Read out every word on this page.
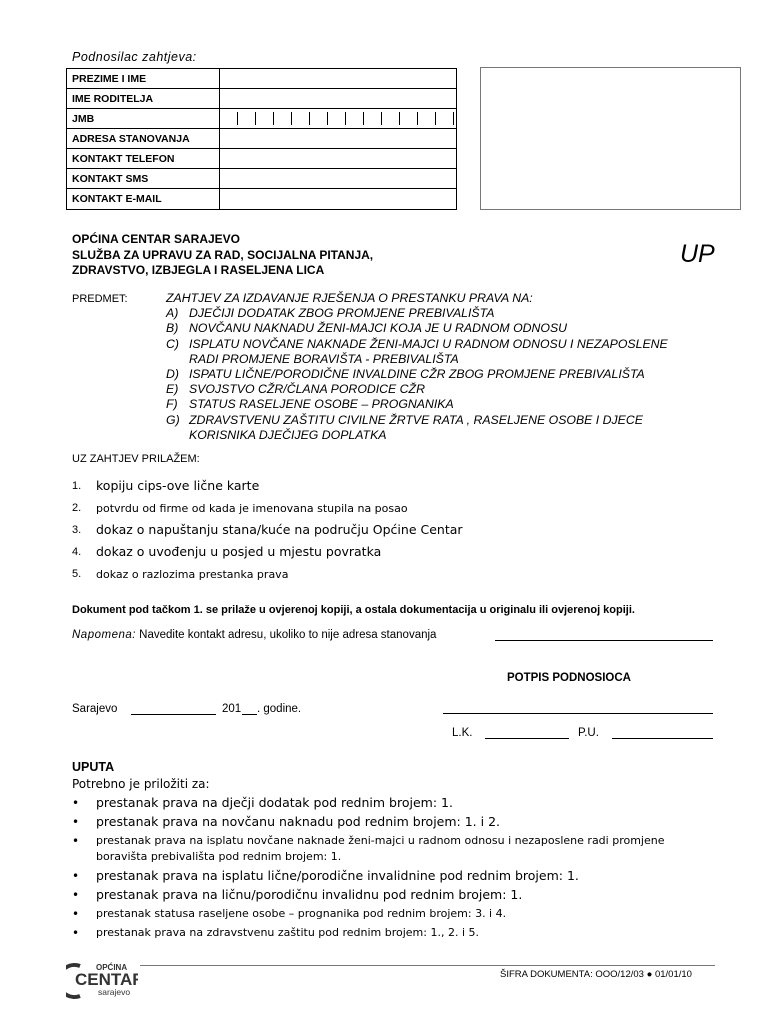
Podnosilac zahtjeva:
PREZIME I IME
IME RODITELJA
JMB
ADRESA STANOVANJA
KONTAKT TELEFON
KONTAKT SMS
KONTAKT E-MAIL
OPĆINA CENTAR SARAJEVO
SLUŽBA ZA UPRAVU ZA RAD, SOCIJALNA PITANJA,
ZDRAVSTVO, IZBJEGLA I RASELJENA LICA
UP
PREDMET:	ZAHTJEV ZA IZDAVANJE RJEŠENJA O PRESTANKU PRAVA NA:
A) DJEČIJI DODATAK ZBOG PROMJENE PREBIVALIŠTA
B) NOVČANU NAKNADU ŽENI-MAJCI KOJA JE U RADNOM ODNOSU
C) ISPLATU NOVČANE NAKNADE ŽENI-MAJCI U RADNOM ODNOSU I NEZAPOSLENE
RADI PROMJENE BORAVIŠTA - PREBIVALIŠTA
D) ISPATU LIČNE/PORODIČNE INVALDINE CŽR ZBOG PROMJENE PREBIVALIŠTA
E) SVOJSTVO CŽR/ČLANA PORODICE CŽR
F) STATUS RASELJENE OSOBE – PROGNANIKA
G) ZDRAVSTVENU ZAŠTITU CIVILNE ŽRTVE RATA , RASELJENE OSOBE I DJECE
KORISNIKA DJEČIJEG DOPLATKA
UZ ZAHTJEV PRILAŽEM:
1.	kopiju cips-ove lične karte
2.	potvrdu od firme od kada je imenovana stupila na posao
3.	dokaz o napuštanju stana/kuće na području Općine Centar
4.	dokaz o uvođenju u posjed u mjestu povratka
5.	dokaz o razlozima prestanka prava
Dokument pod tačkom 1. se prilaže u ovjerenoj kopiji, a ostala dokumentacija u originalu ili ovjerenoj kopiji.
Napomena: Navedite kontakt adresu, ukoliko to nije adresa stanovanja
POTPIS PODNOSIOCA
Sarajevo	201 . godine.
L.K.	P.U.
UPUTA
Potrebno je priložiti za:
•	prestanak prava na dječji dodatak pod rednim brojem: 1.
•	prestanak prava na novčanu naknadu pod rednim brojem: 1. i 2.
•	prestanak prava na isplatu novčane naknade ženi-majci u radnom odnosu i nezaposlene radi promjene boravišta prebivališta pod rednim brojem: 1.
•	prestanak prava na isplatu lične/porodične invalidnine pod rednim brojem: 1.
•	prestanak prava na ličnu/porodičnu invalidnu pod rednim brojem: 1.
•	prestanak statusa raseljene osobe – prognanika pod rednim brojem: 3. i 4.
•	prestanak prava na zdravstvenu zaštitu pod rednim brojem: 1., 2. i 5.
OPĆINA
CENTAR
sarajevo
ŠIFRA DOKUMENTA: OOO/12/03 ● 01/01/10
